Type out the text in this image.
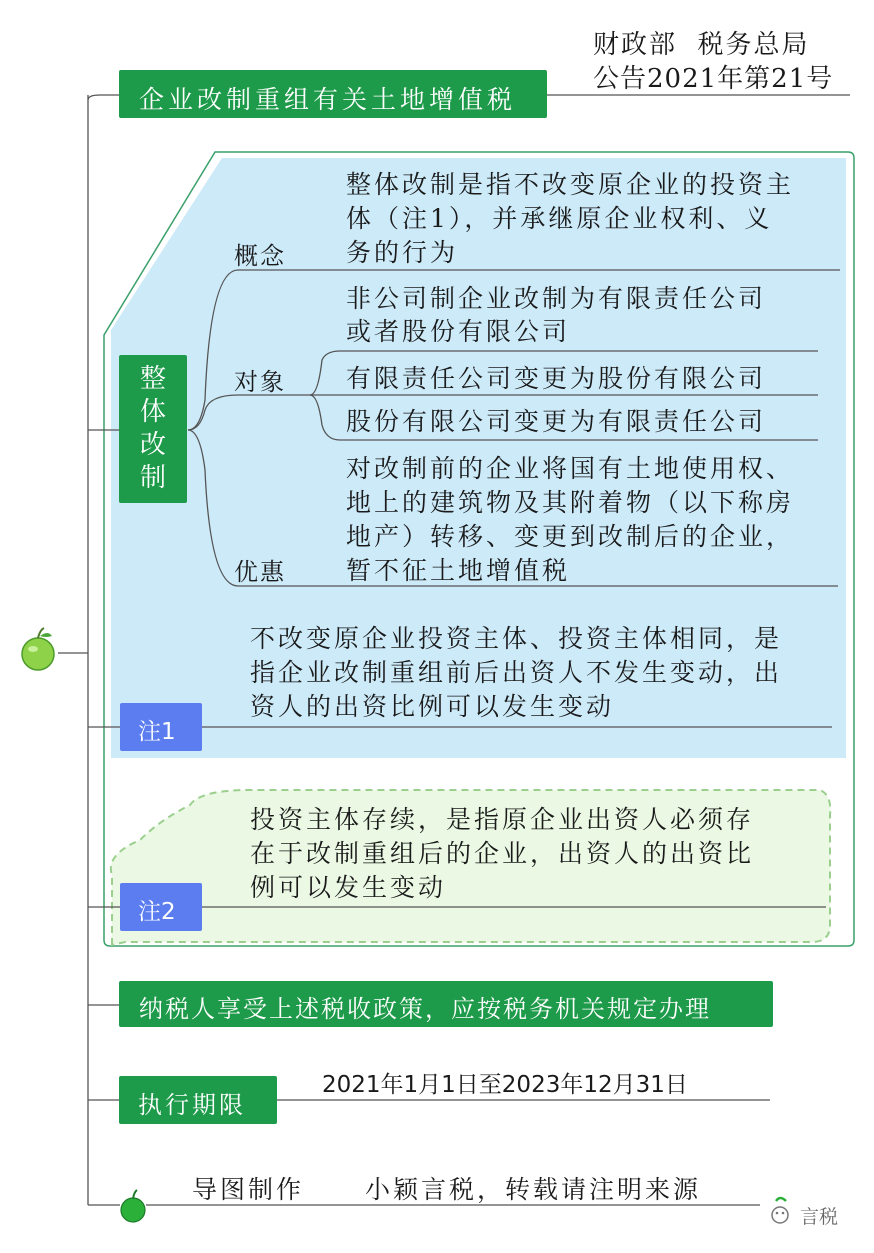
财政部  税务总局
公告2021年第21号
企业改制重组有关土地增值税
整体改制
概念
整体改制是指不改变原企业的投资主
体（注1），并承继原企业权利、义
务的行为
对象
非公司制企业改制为有限责任公司
或者股份有限公司
有限责任公司变更为股份有限公司
股份有限公司变更为有限责任公司
优惠
对改制前的企业将国有土地使用权、
地上的建筑物及其附着物（以下称房
地产）转移、变更到改制后的企业，
暂不征土地增值税
不改变原企业投资主体、投资主体相同，是
指企业改制重组前后出资人不发生变动，出
资人的出资比例可以发生变动
注1
投资主体存续，是指原企业出资人必须存
在于改制重组后的企业，出资人的出资比
例可以发生变动
注2
纳税人享受上述税收政策，应按税务机关规定办理
执行期限
2021年1月1日至2023年12月31日
导图制作 小颖言税，转载请注明来源
言税
